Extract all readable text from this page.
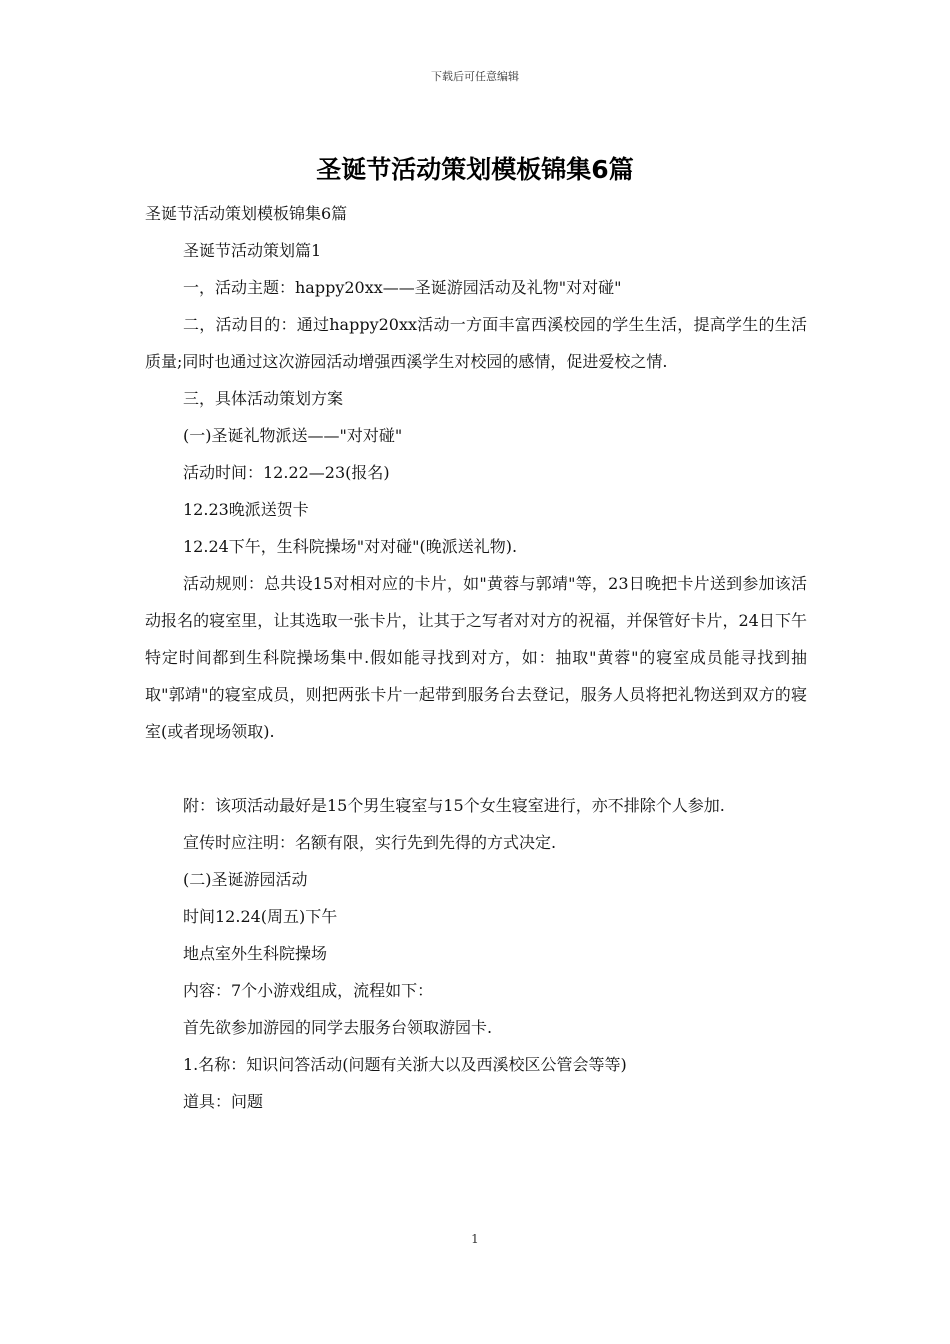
下载后可任意编辑
圣诞节活动策划模板锦集6篇

圣诞节活动策划模板锦集6篇

圣诞节活动策划篇1

一，活动主题：happy20xx——圣诞游园活动及礼物"对对碰"

二，活动目的：通过happy20xx活动一方面丰富西溪校园的学生生活，提高学生的生活质量;同时也通过这次游园活动增强西溪学生对校园的感情，促进爱校之情.

三，具体活动策划方案

(一)圣诞礼物派送——"对对碰"

活动时间：12.22—23(报名)

12.23晚派送贺卡

12.24下午，生科院操场"对对碰"(晚派送礼物).

活动规则：总共设15对相对应的卡片，如"黄蓉与郭靖"等，23日晚把卡片送到参加该活动报名的寝室里，让其选取一张卡片，让其于之写者对对方的祝福，并保管好卡片，24日下午特定时间都到生科院操场集中.假如能寻找到对方，如：抽取"黄蓉"的寝室成员能寻找到抽取"郭靖"的寝室成员，则把两张卡片一起带到服务台去登记，服务人员将把礼物送到双方的寝室(或者现场领取).

附：该项活动最好是15个男生寝室与15个女生寝室进行，亦不排除个人参加.

宣传时应注明：名额有限，实行先到先得的方式决定.

(二)圣诞游园活动

时间12.24(周五)下午

地点室外生科院操场

内容：7个小游戏组成，流程如下：

首先欲参加游园的同学去服务台领取游园卡.

1.名称：知识问答活动(问题有关浙大以及西溪校区公管会等等)

道具：问题

1
